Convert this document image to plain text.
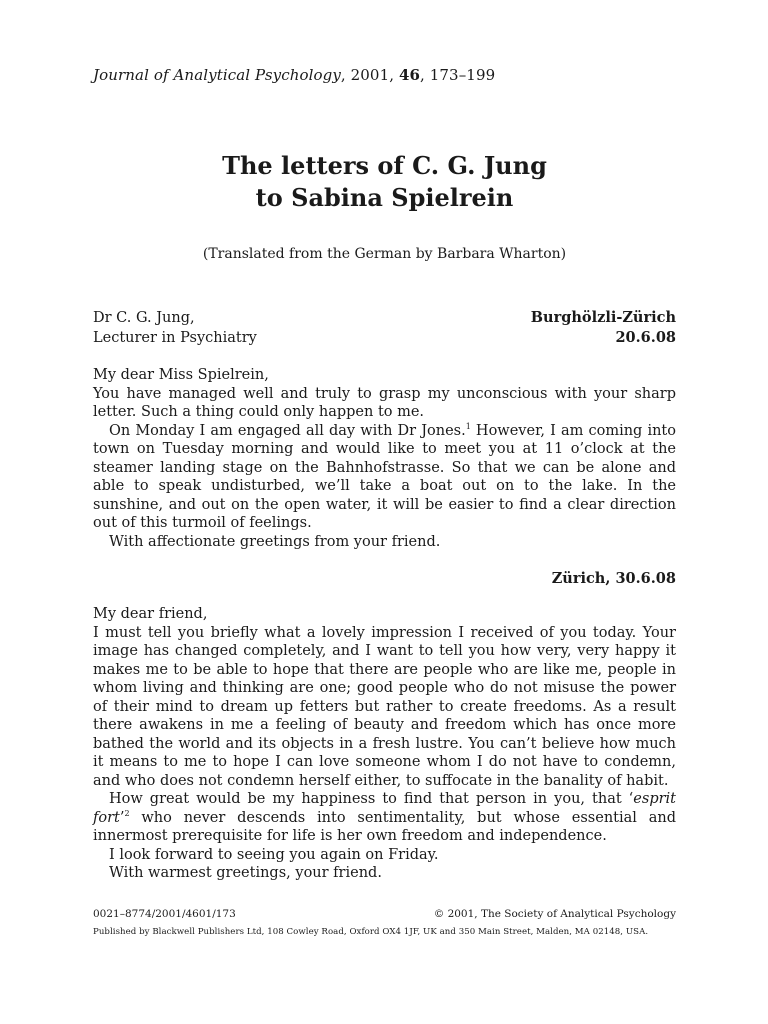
Journal of Analytical Psychology, 2001, 46, 173–199
The letters of C. G. Jung
to Sabina Spielrein
(Translated from the German by Barbara Wharton)
Dr C. G. Jung,	Burghölzli-Zürich
Lecturer in Psychiatry	20.6.08

My dear Miss Spielrein,

You have managed well and truly to grasp my unconscious with your sharp letter. Such a thing could only happen to me.

On Monday I am engaged all day with Dr Jones.$^1$ However, I am coming into town on Tuesday morning and would like to meet you at 11 o’clock at the steamer landing stage on the Bahnhofstrasse. So that we can be alone and able to speak undisturbed, we’ll take a boat out on to the lake. In the sunshine, and out on the open water, it will be easier to find a clear direction out of this turmoil of feelings.

With affectionate greetings from your friend.

Zürich, 30.6.08

My dear friend,

I must tell you briefly what a lovely impression I received of you today. Your image has changed completely, and I want to tell you how very, very happy it makes me to be able to hope that there are people who are like me, people in whom living and thinking are one; good people who do not misuse the power of their mind to dream up fetters but rather to create freedoms. As a result there awakens in me a feeling of beauty and freedom which has once more bathed the world and its objects in a fresh lustre. You can’t believe how much it means to me to hope I can love someone whom I do not have to condemn, and who does not condemn herself either, to suffocate in the banality of habit.

How great would be my happiness to find that person in you, that ‘esprit fort’$^2$ who never descends into sentimentality, but whose essential and innermost prerequisite for life is her own freedom and independence.

I look forward to seeing you again on Friday.

With warmest greetings, your friend.

0021–8774/2001/4601/173	© 2001, The Society of Analytical Psychology
Published by Blackwell Publishers Ltd, 108 Cowley Road, Oxford OX4 1JF, UK and 350 Main Street, Malden, MA 02148, USA.
